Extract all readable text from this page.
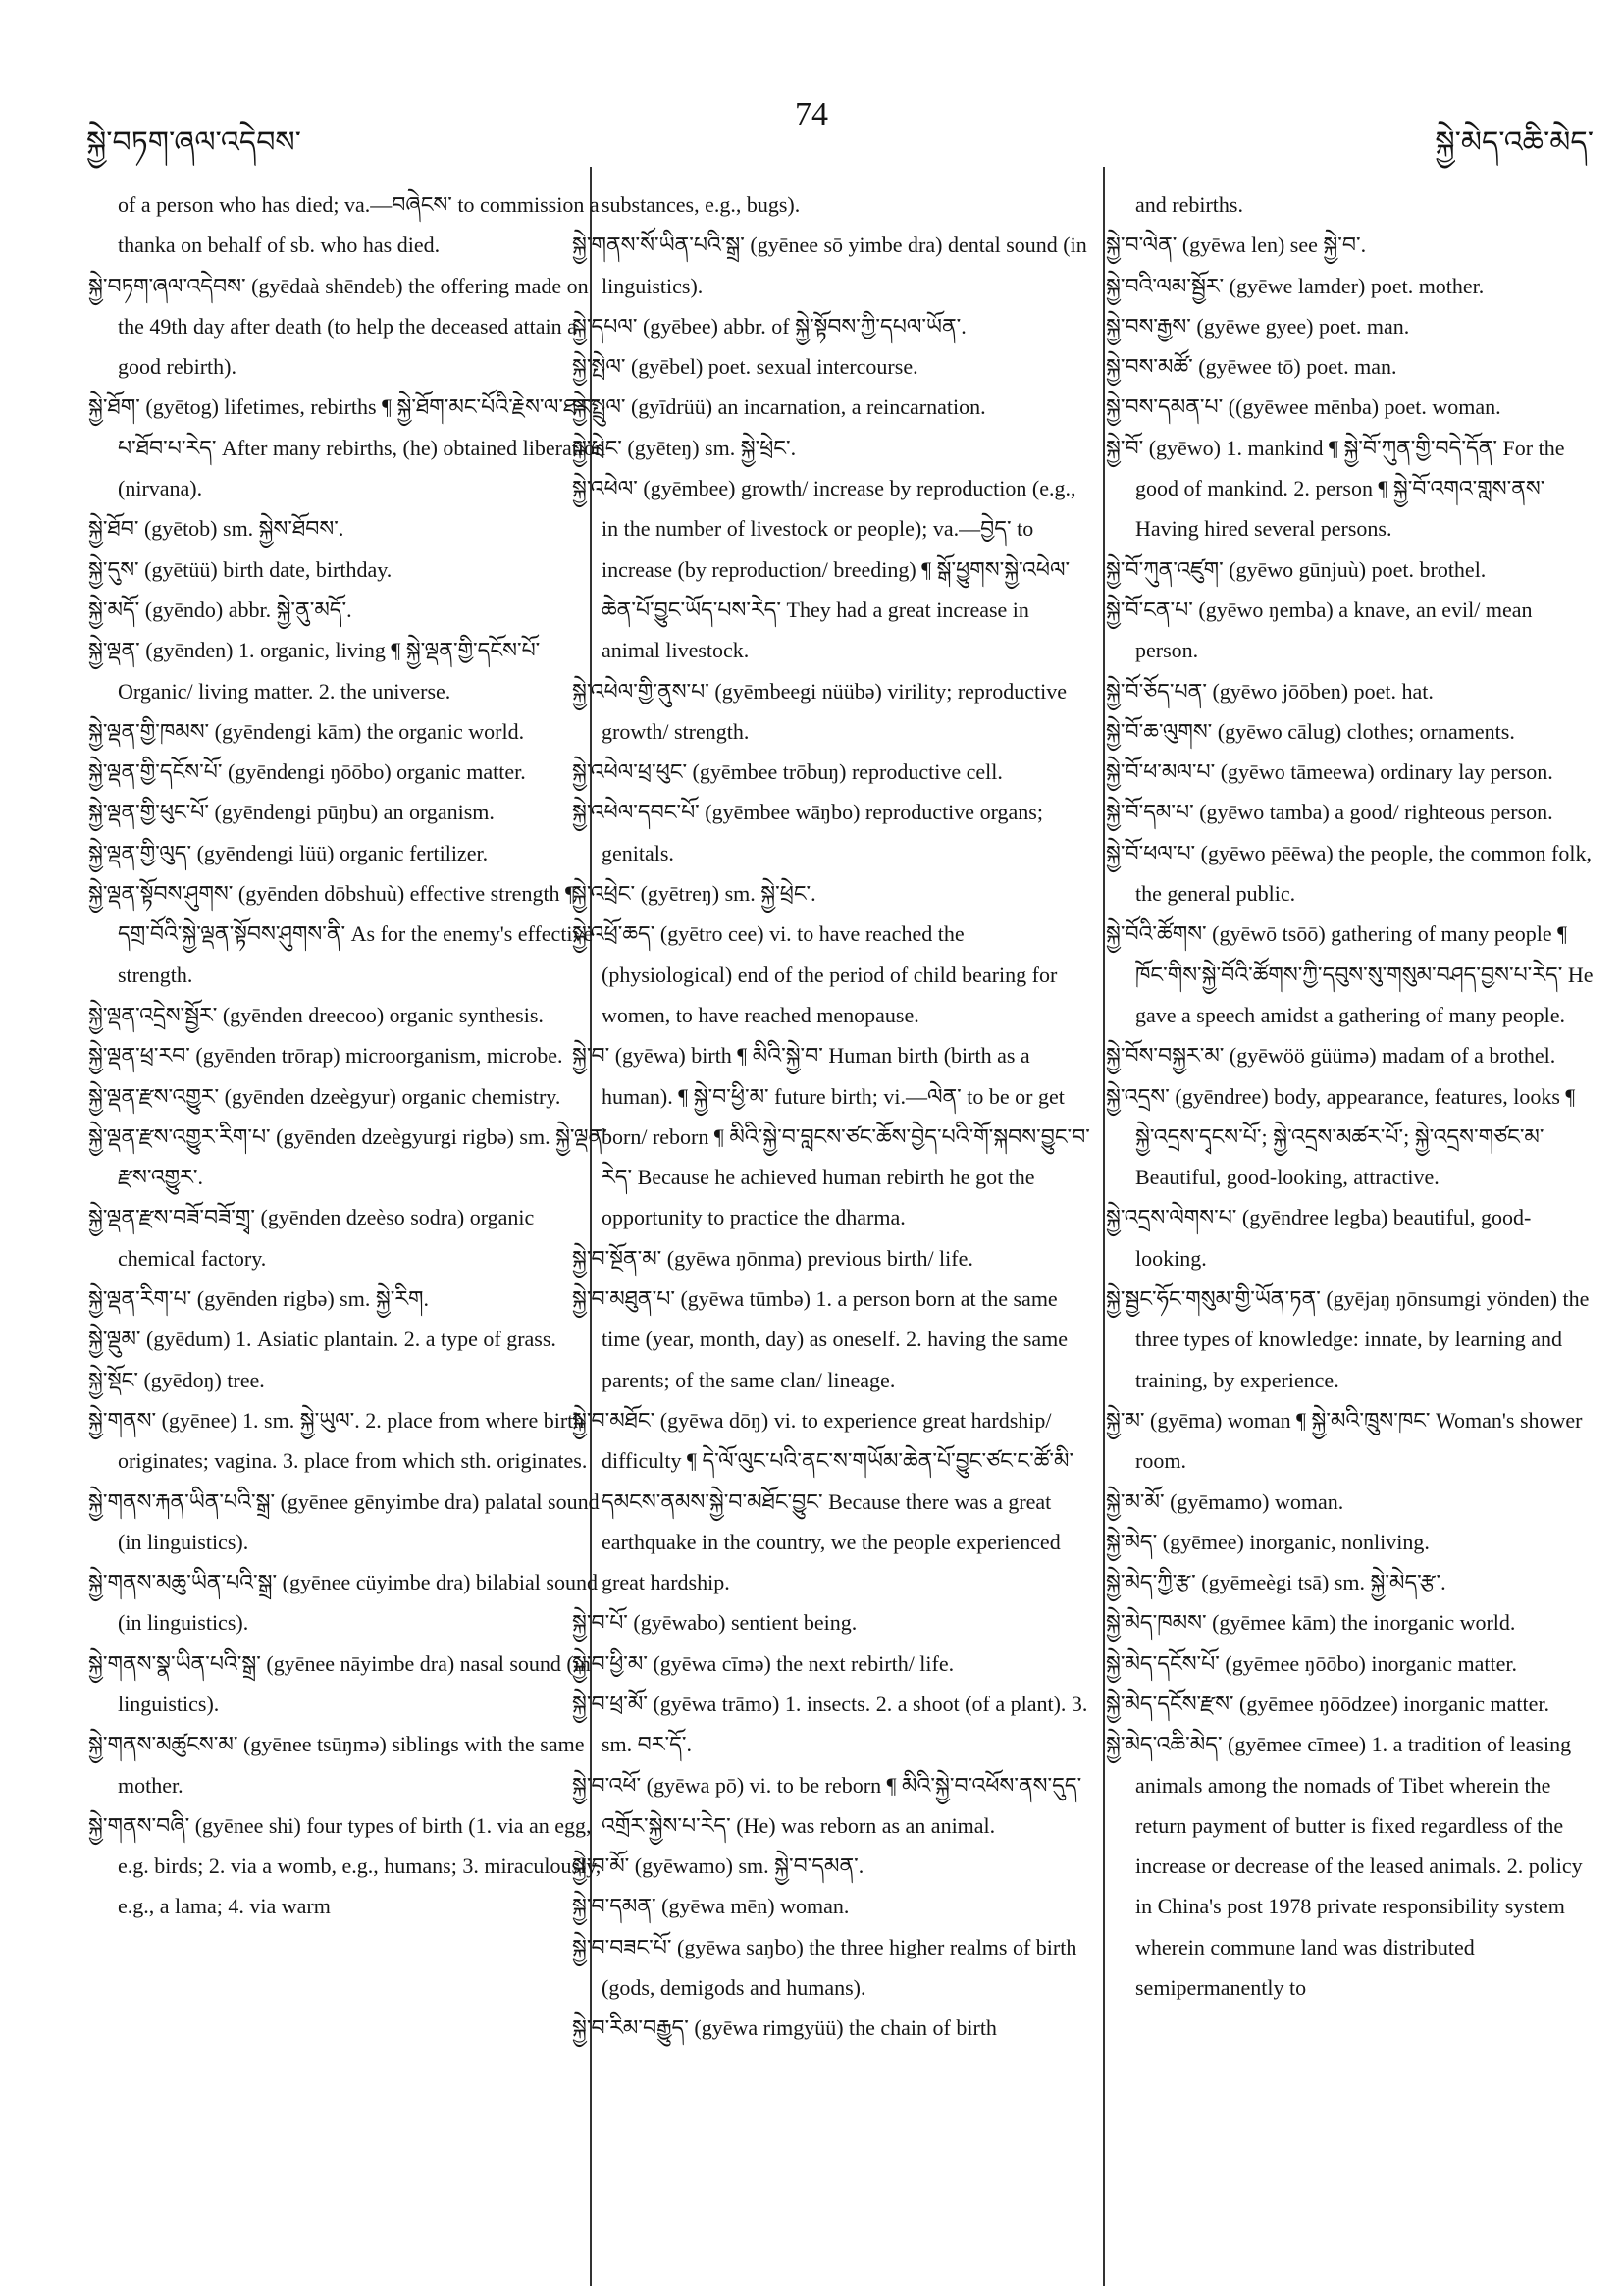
སྐྱེ་བཏག་ཞལ་འདེབས་
74
སྐྱེ་མེད་འཆི་མེད་

of a person who has died; va.—བཞེངས་ to commission a thanka on behalf of sb. who has died.

སྐྱེ་བཏག་ཞལ་འདེབས་ (gyēdaà shēndeb) the offering made on the 49th day after death (to help the deceased attain a good rebirth).

སྐྱེ་ཐོག་ (gyētog) lifetimes, rebirths ¶ སྐྱེ་ཐོག་མང་པོའི་རྗེས་ལ་ཐར་པ་ཐོབ་པ་རེད་ After many rebirths, (he) obtained liberation (nirvana).

སྐྱེ་ཐོབ་ (gyētob) sm. སྐྱེས་ཐོབས་.

སྐྱེ་དུས་ (gyētüü) birth date, birthday.

སྐྱེ་མདོ་ (gyēndo) abbr. སྐྱེ་ནུ་མདོ་.

སྐྱེ་ལྡན་ (gyēnden) 1. organic, living ¶ སྐྱེ་ལྡན་གྱི་དངོས་པོ་ Organic/ living matter. 2. the universe.

སྐྱེ་ལྡན་གྱི་ཁམས་ (gyēndengi kām) the organic world.

སྐྱེ་ལྡན་གྱི་དངོས་པོ་ (gyēndengi ŋōōbo) organic matter.

སྐྱེ་ལྡན་གྱི་ཕུང་པོ་ (gyēndengi pūŋbu) an organism.

སྐྱེ་ལྡན་གྱི་ལུད་ (gyēndengi lüü) organic fertilizer.

སྐྱེ་ལྡན་སྟོབས་ཤུགས་ (gyēnden dōbshuù) effective strength ¶ དགྲ་བོའི་སྐྱེ་ལྡན་སྟོབས་ཤུགས་ནི་ As for the enemy's effective strength.

སྐྱེ་ལྡན་འདྲེས་སྦྱོར་ (gyēnden dreecoo) organic synthesis.

སྐྱེ་ལྡན་ཕྲ་རབ་ (gyēnden trōrap) microorganism, microbe.

སྐྱེ་ལྡན་རྫས་འགྱུར་ (gyēnden dzeègyur) organic chemistry.

སྐྱེ་ལྡན་རྫས་འགྱུར་རིག་པ་ (gyēnden dzeègyurgi rigbə) sm. སྐྱེ་ལྡན་རྫས་འགྱུར་.

སྐྱེ་ལྡན་རྫས་བཟོ་བཟོ་གྲྭ་ (gyēnden dzeèso sodra) organic chemical factory.

སྐྱེ་ལྡན་རིག་པ་ (gyēnden rigbə) sm. སྐྱེ་རིག.

སྐྱེ་ལྡུམ་ (gyēdum) 1. Asiatic plantain. 2. a type of grass.

སྐྱེ་སྡོང་ (gyēdoŋ) tree.

སྐྱེ་གནས་ (gyēnee) 1. sm. སྐྱེ་ཡུལ་. 2. place from where birth originates; vagina. 3. place from which sth. originates.

སྐྱེ་གནས་རྐན་ཡིན་པའི་སྒྲ་ (gyēnee gēnyimbe dra) palatal sound (in linguistics).

སྐྱེ་གནས་མཆུ་ཡིན་པའི་སྒྲ་ (gyēnee cüyimbe dra) bilabial sound (in linguistics).

སྐྱེ་གནས་སྣ་ཡིན་པའི་སྒྲ་ (gyēnee nāyimbe dra) nasal sound (in linguistics).

སྐྱེ་གནས་མཚུངས་མ་ (gyēnee tsūŋmə) siblings with the same mother.

སྐྱེ་གནས་བཞི་ (gyēnee shi) four types of birth (1. via an egg, e.g. birds; 2. via a womb, e.g., humans; 3. miraculously, e.g., a lama; 4. via warm

substances, e.g., bugs).

སྐྱེ་གནས་སོ་ཡིན་པའི་སྒྲ་ (gyēnee sō yimbe dra) dental sound (in linguistics).

སྐྱེ་དཔལ་ (gyēbee) abbr. of སྐྱེ་སྟོབས་ཀྱི་དཔལ་ཡོན་.

སྐྱེ་སྤེལ་ (gyēbel) poet. sexual intercourse.

སྐྱེ་སྤྲུལ་ (gyīdrüü) an incarnation, a reincarnation.

སྐྱེ་ཕྲེང་ (gyēteŋ) sm. སྐྱེ་ཕྲེང་.

སྐྱེ་འཕེལ་ (gyēmbee) growth/ increase by reproduction (e.g., in the number of livestock or people); va.—བྱེད་ to increase (by reproduction/ breeding) ¶ སྒོ་ཕྱུགས་སྐྱེ་འཕེལ་ཆེན་པོ་བྱུང་ཡོད་པས་རེད་ They had a great increase in animal livestock.

སྐྱེ་འཕེལ་གྱི་ནུས་པ་ (gyēmbeegi nüübə) virility; reproductive growth/ strength.

སྐྱེ་འཕེལ་ཕྲ་ཕུང་ (gyēmbee trōbuŋ) reproductive cell.

སྐྱེ་འཕེལ་དབང་པོ་ (gyēmbee wāŋbo) reproductive organs; genitals.

སྐྱེ་འཕྲེང་ (gyētreŋ) sm. སྐྱེ་ཕྲེང་.

སྐྱེ་འཕྲོ་ཆད་ (gyētro cee) vi. to have reached the (physiological) end of the period of child bearing for women, to have reached menopause.

སྐྱེ་བ་ (gyēwa) birth ¶ མིའི་སྐྱེ་བ་ Human birth (birth as a human). ¶ སྐྱེ་བ་ཕྱི་མ་ future birth; vi.—ལེན་ to be or get born/ reborn ¶ མིའི་སྐྱེ་བ་བླངས་ཙང་ཆོས་བྱེད་པའི་གོ་སྐབས་བྱུང་བ་རེད་ Because he achieved human rebirth he got the opportunity to practice the dharma.

སྐྱེ་བ་སྔོན་མ་ (gyēwa ŋōnma) previous birth/ life.

སྐྱེ་བ་མཐུན་པ་ (gyēwa tūmbə) 1. a person born at the same time (year, month, day) as oneself. 2. having the same parents; of the same clan/ lineage.

སྐྱེ་བ་མཐོང་ (gyēwa dōŋ) vi. to experience great hardship/ difficulty ¶ དེ་ལོ་ལུང་པའི་ནང་ས་གཡོམ་ཆེན་པོ་བྱུང་ཙང་ང་ཚོ་མི་དམངས་ནམས་སྐྱེ་བ་མཐོང་བྱུང་ Because there was a great earthquake in the country, we the people experienced great hardship.

སྐྱེ་བ་པོ་ (gyēwabo) sentient being.

སྐྱེ་བ་ཕྱི་མ་ (gyēwa cīmə) the next rebirth/ life.

སྐྱེ་བ་ཕྲ་མོ་ (gyēwa trāmo) 1. insects. 2. a shoot (of a plant). 3. sm. བར་དོ་.

སྐྱེ་བ་འཕོ་ (gyēwa pō) vi. to be reborn ¶ མིའི་སྐྱེ་བ་འཕོས་ནས་དུད་འགྲོར་སྐྱེས་པ་རེད་ (He) was reborn as an animal.

སྐྱེ་བ་མོ་ (gyēwamo) sm. སྐྱེ་བ་དམན་.

སྐྱེ་བ་དམན་ (gyēwa mēn) woman.

སྐྱེ་བ་བཟང་པོ་ (gyēwa saŋbo) the three higher realms of birth (gods, demigods and humans).

སྐྱེ་བ་རིམ་བརྒྱུད་ (gyēwa rimgyüü) the chain of birth

and rebirths.

སྐྱེ་བ་ལེན་ (gyēwa len) see སྐྱེ་བ་.

སྐྱེ་བའི་ལམ་སྦྱོར་ (gyēwe lamder) poet. mother.

སྐྱེ་བས་རྒྱས་ (gyēwe gyee) poet. man.

སྐྱེ་བས་མཚོ་ (gyēwee tō) poet. man.

སྐྱེ་བས་དམན་པ་ ((gyēwee mēnba) poet. woman.

སྐྱེ་བོ་ (gyēwo) 1. mankind ¶ སྐྱེ་བོ་ཀུན་གྱི་བདེ་དོན་ For the good of mankind. 2. person ¶ སྐྱེ་བོ་འགའ་གླས་ནས་ Having hired several persons.

སྐྱེ་བོ་ཀུན་འཛུག་ (gyēwo gūnjuù) poet. brothel.

སྐྱེ་བོ་ངན་པ་ (gyēwo ŋemba) a knave, an evil/ mean person.

སྐྱེ་བོ་ཅོད་པན་ (gyēwo jōōben) poet. hat.

སྐྱེ་བོ་ཆ་ལུགས་ (gyēwo cālug) clothes; ornaments.

སྐྱེ་བོ་ཕ་མལ་པ་ (gyēwo tāmeewa) ordinary lay person.

སྐྱེ་བོ་དམ་པ་ (gyēwo tamba) a good/ righteous person.

སྐྱེ་བོ་ཕལ་པ་ (gyēwo pēēwa) the people, the common folk, the general public.

སྐྱེ་བོའི་ཚོགས་ (gyēwō tsōō) gathering of many people ¶ ཁོང་གིས་སྐྱེ་བོའི་ཚོགས་ཀྱི་དབུས་སུ་གསུམ་བཤད་བྱས་པ་རེད་ He gave a speech amidst a gathering of many people.

སྐྱེ་བོས་བསྐྱར་མ་ (gyēwöö güümə) madam of a brothel.

སྐྱེ་འདྲས་ (gyēndree) body, appearance, features, looks ¶ སྐྱེ་འདྲས་དྭངས་པོ་; སྐྱེ་འདྲས་མཚར་པོ་; སྐྱེ་འདྲས་གཙང་མ་ Beautiful, good-looking, attractive.

སྐྱེ་འདྲས་ལེགས་པ་ (gyēndree legba) beautiful, good-looking.

སྐྱེ་སྦྱང་ཧོང་གསུམ་གྱི་ཡོན་ཏན་ (gyējaŋ ŋōnsumgi yönden) the three types of knowledge: innate, by learning and training, by experience.

སྐྱེ་མ་ (gyēma) woman ¶ སྐྱེ་མའི་ཁྲུས་ཁང་ Woman's shower room.

སྐྱེ་མ་མོ་ (gyēmamo) woman.

སྐྱེ་མེད་ (gyēmee) inorganic, nonliving.

སྐྱེ་མེད་ཀྱི་རྩ་ (gyēmeègi tsā) sm. སྐྱེ་མེད་རྩ་.

སྐྱེ་མེད་ཁམས་ (gyēmee kām) the inorganic world.

སྐྱེ་མེད་དངོས་པོ་ (gyēmee ŋōōbo) inorganic matter.

སྐྱེ་མེད་དངོས་རྫས་ (gyēmee ŋōōdzee) inorganic matter.

སྐྱེ་མེད་འཆི་མེད་ (gyēmee cīmee) 1. a tradition of leasing animals among the nomads of Tibet wherein the return payment of butter is fixed regardless of the increase or decrease of the leased animals. 2. policy in China's post 1978 private responsibility system wherein commune land was distributed semipermanently to
